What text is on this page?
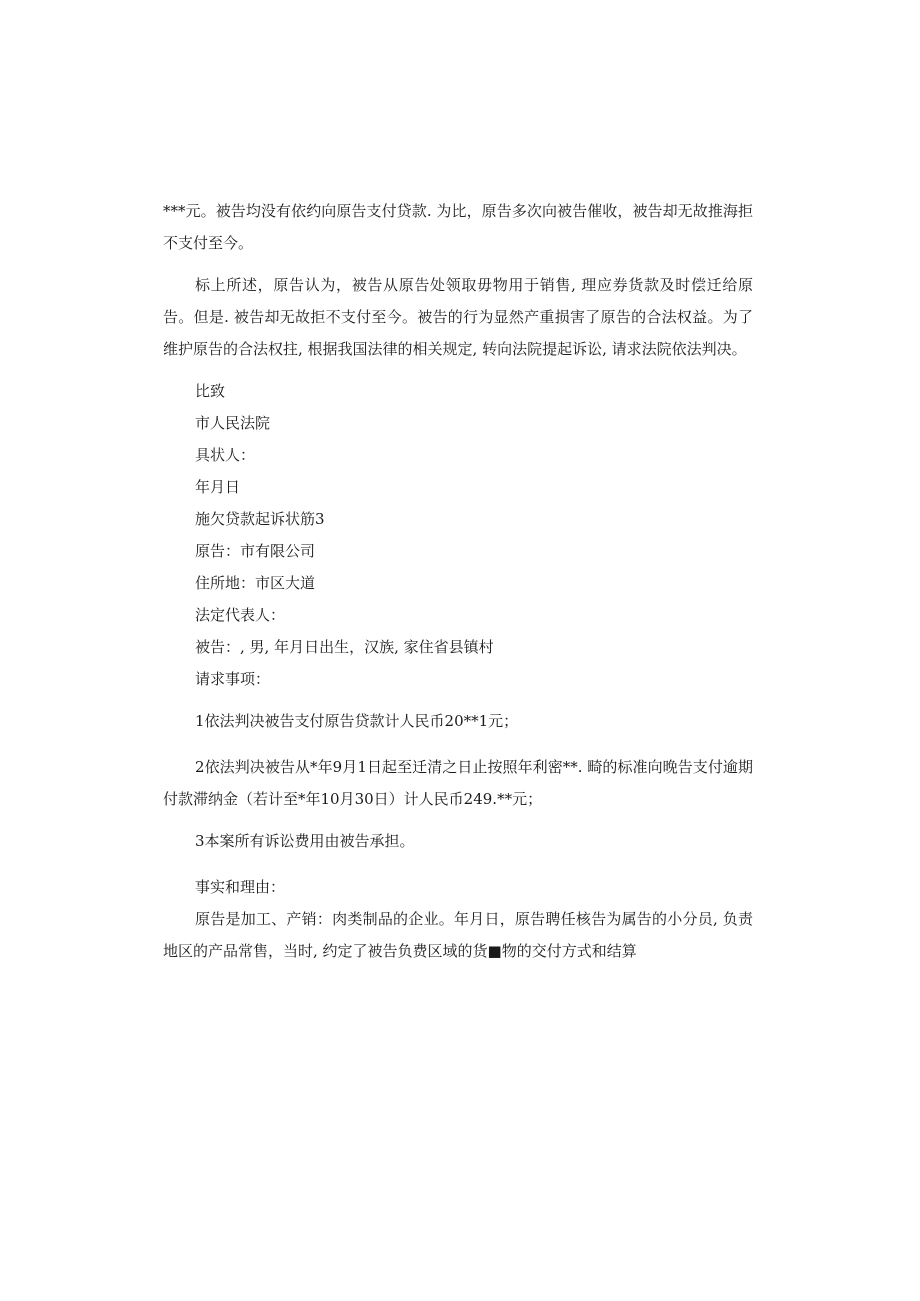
***元。被告均没有依约向原告支付贷款. 为比，原告多次向被告催收，被告却无故推海拒不支付至今。

标上所述，原告认为，被告从原告处领取毋物用于销售, 理应券货款及时偿迁给原告。但是. 被告却无故拒不支付至今。被告的行为显然产重损害了原告的合法权益。为了维护原告的合法权拄, 根据我国法律的相关规定, 转向法院提起诉讼, 请求法院依法判决。

比致

市人民法院

具状人：

年月日

施欠贷款起诉状筋3

原告：市有限公司

住所地：市区大道

法定代表人：

被告：, 男, 年月日出生，汉族, 家住省县镇村

请求事项：

1依法判决被告支付原告贷款计人民币20**1元；

2依法判决被告从*年9月1日起至迁清之日止按照年利密**. 畸的标准向晚告支付逾期付款滞纳金（若计至*年10月30日）计人民币249.**元；

3本案所有诉讼费用由被告承担。

事实和理由：

原告是加工、产销：肉类制品的企业。年月日，原告聘任核告为属告的小分员, 负责地区的产品常售，当时, 约定了被告负费区域的货■物的交付方式和结算
